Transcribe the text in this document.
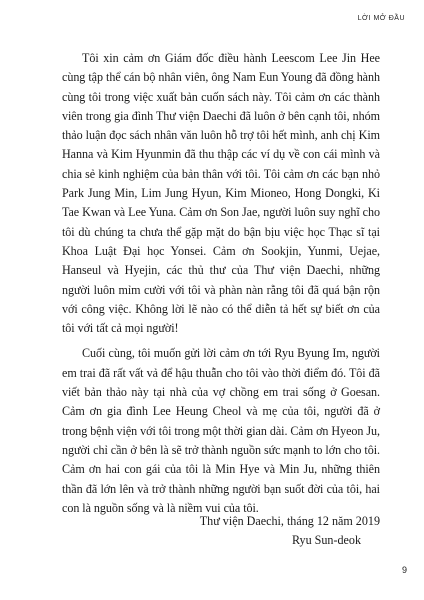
LỜI MỞ ĐẦU

Tôi xin cảm ơn Giám đốc điều hành Leescom Lee Jin Hee cùng tập thể cán bộ nhân viên, ông Nam Eun Young đã đồng hành cùng tôi trong việc xuất bản cuốn sách này. Tôi cảm ơn các thành viên trong gia đình Thư viện Daechi đã luôn ở bên cạnh tôi, nhóm thảo luận đọc sách nhân văn luôn hỗ trợ tôi hết mình, anh chị Kim Hanna và Kim Hyunmin đã thu thập các ví dụ về con cái mình và chia sẻ kinh nghiệm của bản thân với tôi. Tôi cảm ơn các bạn nhỏ Park Jung Min, Lim Jung Hyun, Kim Mioneo, Hong Dongki, Ki Tae Kwan và Lee Yuna. Cảm ơn Son Jae, người luôn suy nghĩ cho tôi dù chúng ta chưa thể gặp mặt do bận bịu việc học Thạc sĩ tại Khoa Luật Đại học Yonsei. Cảm ơn Sookjin, Yunmi, Uejae, Hanseul và Hyejin, các thủ thư của Thư viện Daechi, những người luôn mỉm cười với tôi và phàn nàn rằng tôi đã quá bận rộn với công việc. Không lời lẽ nào có thể diễn tả hết sự biết ơn của tôi với tất cả mọi người!

Cuối cùng, tôi muốn gửi lời cảm ơn tới Ryu Byung Im, người em trai đã rất vất vả để hậu thuẫn cho tôi vào thời điểm đó. Tôi đã viết bản thảo này tại nhà của vợ chồng em trai sống ở Goesan. Cảm ơn gia đình Lee Heung Cheol và mẹ của tôi, người đã ở trong bệnh viện với tôi trong một thời gian dài. Cảm ơn Hyeon Ju, người chỉ cần ở bên là sẽ trở thành nguồn sức mạnh to lớn cho tôi. Cảm ơn hai con gái của tôi là Min Hye và Min Ju, những thiên thần đã lớn lên và trở thành những người bạn suốt đời của tôi, hai con là nguồn sống và là niềm vui của tôi.

Thư viện Daechi, tháng 12 năm 2019
Ryu Sun-deok
9
